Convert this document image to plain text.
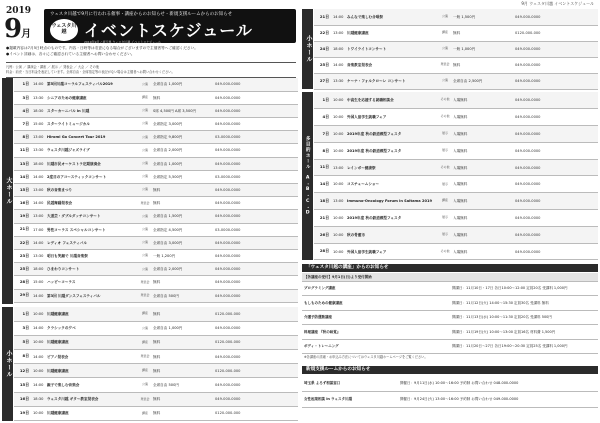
2019
9月
ウェスタ川越で9月に行われる催事・講座からのお知らせ・新規支援ルームからのお知らせ
ウェスタ川越	イベントスケジュール
2019年9月 / 埼玉県 ウェスタ川越 イベントスケジュール
●掲載内容は7月5日時点のものです。内容・日時等は変更になる場合がございますので主催者等へご確認ください。
●イベント詳細は、各々にご確認されている主催者へお問い合わせください。
凡例：公演 ／ 講演会・講座 ／ 展示 ／ 発表会 ／ 大会 ／ その他
料金：前売・当日料金を表記しています。全席自由・全席指定等の表記がない場合は主催者へお問い合わせください。
大ホール
1日	14:00	第5回川越コーラルフェスティバル2019	公演	全席自由 1,000円	049-000-0000
3日	13:30	シニアのための健康講座	講座	無料	049-000-0000
4日	18:30	スターカーニバル in 川越	公演	S席 4,500円 A席 3,500円	049-000-0000
7日	15:00	スターライトミュージカル	公演	全席指定 3,000円	049-000-0000
8日	13:00	Hiromi Go Concert Tour 2019	公演	全席指定 9,800円	03-0000-0000
11日	13:30	ウェスタ川越ジャズライブ	公演	全席自由 2,000円	049-000-0000
13日	18:00	川越市民オーケストラ定期演奏会	公演	全席自由 1,000円	049-000-0000
14日	14:00	2度目のアコースティックコンサート	公演	全席指定 5,500円	03-0000-0000
15日	13:00	秋の音楽まつり	公演	無料	049-000-0000
16日	14:00	民謡舞踊発表会	発表会	無料	049-000-0000
19日	13:00	大道芸・ダブルダッチコンサート	公演	全席自由 1,500円	049-000-0000
21日	17:00	男性コーラス スペシャルコンサート	公演	全席指定 4,500円	03-0000-0000
22日	14:00	レディオ フェスティバル	公演	全席自由 3,000円	049-000-0000
23日	13:30	明日も笑顔で 川越音楽祭	公演	一般 1,200円	049-000-0000
25日	18:00	ひまわりコンサート	公演	全席自由 2,000円	049-000-0000
28日	15:00	ハッピーコーラス	発表会	無料	049-000-0000
29日	14:00	第3回 川越ダンスフェスティバル	発表会	全席自由 500円	049-000-0000
小ホール
1日	10:00	川越健康講座	講座	無料	0120-000-000
3日	14:00	クラシックの夕べ	公演	全席自由 1,000円	049-000-0000
5日	10:00	川越健康講座	講座	無料	0120-000-000
8日	14:00	ピアノ発表会	発表会	無料	049-000-0000
12日	10:00	川越健康講座	講座	無料	0120-000-000
15日	14:00	親子で楽しむ音楽会	公演	全席自由 500円	049-000-0000
16日	18:30	ウェスタ川越 ギター教室発表会	発表会	無料	049-000-0000
19日	10:00	川越健康講座	講座	無料	0120-000-000
9月 ウェスタ川越 イベントスケジュール
小ホール
21日	14:00	みんなで楽しむ合唱祭	公演	一般 1,500円	049-000-0000
22日	13:00	川越健康講座	講座	無料	0120-000-000
24日	18:00	トワイライトコンサート	公演	一般 1,000円	049-000-0000
25日	14:00	音楽教室発表会	発表会	無料	049-000-0000
27日	13:30	ケーナ・フォルクローレ コンサート	公演	全席自由 2,500円	049-000-0000
多目的ホール A・B・C・D
1日	10:00	中高生を応援する就職相談会	その他	入場無料	049-000-0000
4日	10:00	外国人留学生就職フェア	その他	入場無料	049-000-0000
7日	10:00	2019年度 秋の鉄道模型フェスタ	展示	入場無料	049-000-0000
8日	10:00	2019年度 秋の鉄道模型フェスタ	展示	入場無料	049-000-0000
11日	13:00	レインボー健康祭	その他	入場無料	049-000-0000
14日	10:00	コスチュームショー	展示	入場無料	049-000-0000
18日	13:00	Immuno-Oncology Forum in Saitama 2019	講座	入場無料	049-000-0000
21日	10:00	2019年度 秋の鉄道模型フェスタ	展示	入場無料	049-000-0000
26日	10:00	秋の骨董市	展示	入場無料	049-000-0000
28日	10:00	外国人留学生就職フェア	その他	入場無料	049-000-0000
「ウェスタ川越の講座」からのお知らせ
【各講座の受付】9月1日(日)より受付開始	
プログラミング講座	開講日：11月10日・17日 各日10:00〜12:00 定員20名 受講料 1,000円
もしものための健康講座	開講日：11月12日(火) 14:00〜15:30 定員30名 受講料 無料
介護予防運動講座	開講日：11月13日(水) 10:00〜11:30 定員20名 受講料 500円
料理講座 『秋の味覚』	開講日：11月19日(火) 10:00〜13:00 定員16名 材料費 1,500円
ボディ・トレーニング	開講日：11月20日〜27日 各日19:00〜20:30 定員25名 受講料 1,000円
※各講座の詳細・お申込み方法についてはウェスタ川越ホームページをご覧ください。
新規支援ルームからのお知らせ
埼玉県 よろず相談窓口	開催日：9月11日(水) 10:00〜16:00 予約制 お問い合わせ 048-000-0000
女性起業相談 in ウェスタ川越	開催日：9月24日(火) 13:00〜16:00 予約制 お問い合わせ 049-000-0000
